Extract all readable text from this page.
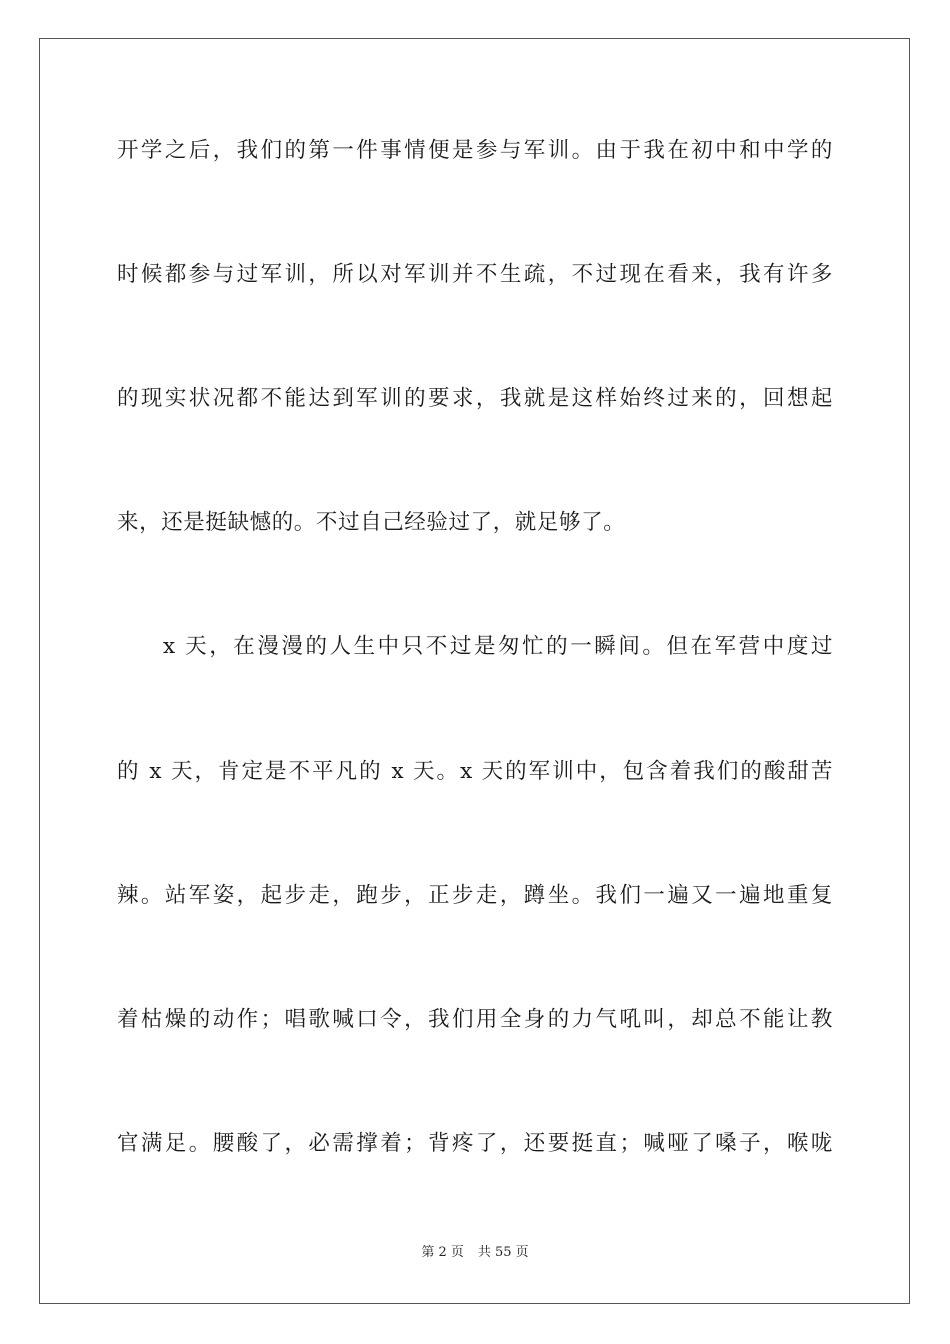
开学之后，我们的第一件事情便是参与军训。由于我在初中和中学的
时候都参与过军训，所以对军训并不生疏，不过现在看来，我有许多
的现实状况都不能达到军训的要求，我就是这样始终过来的，回想起
来，还是挺缺憾的。不过自己经验过了，就足够了。
x 天，在漫漫的人生中只不过是匆忙的一瞬间。但在军营中度过
的 x 天，肯定是不平凡的 x 天。x 天的军训中，包含着我们的酸甜苦
辣。站军姿，起步走，跑步，正步走，蹲坐。我们一遍又一遍地重复
着枯燥的动作；唱歌喊口令，我们用全身的力气吼叫，却总不能让教
官满足。腰酸了，必需撑着；背疼了，还要挺直；喊哑了嗓子，喉咙
第 2 页 共 55 页
